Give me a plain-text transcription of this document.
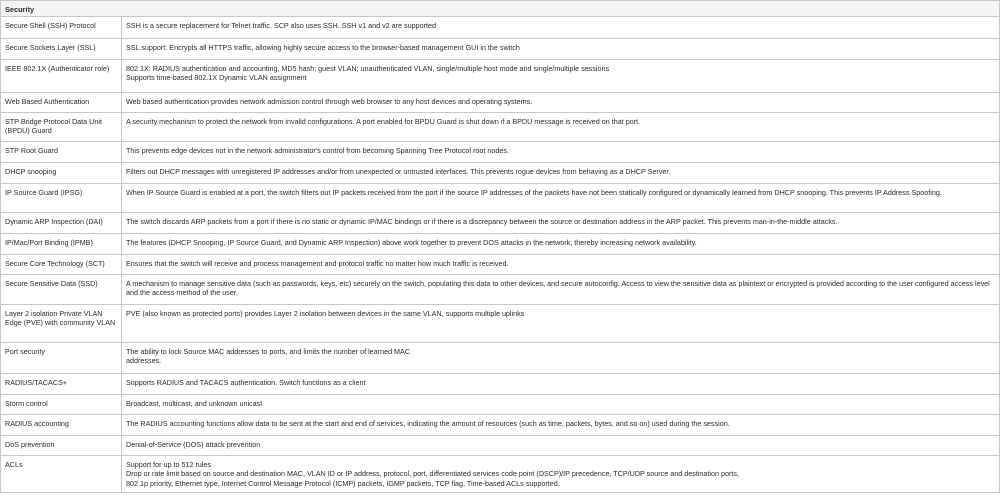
Security	
Secure Shell (SSH) Protocol	SSH is a secure replacement for Telnet traffic. SCP also uses SSH. SSH v1 and v2 are supported

Secure Sockets Layer (SSL)	SSL support: Encrypts all HTTPS traffic, allowing highly secure access to the browser-based management GUI in the switch

IEEE 802.1X (Authenticator role)	802.1X: RADIUS authentication and accounting, MD5 hash; guest VLAN; unauthenticated VLAN, single/multiple host mode and single/multiple sessions
Supports time-based 802.1X Dynamic VLAN assignment

Web Based Authentication	Web based authentication provides network admission control through web browser to any host devices and operating systems.

STP Bridge Protocol Data Unit (BPDU) Guard	A security mechanism to protect the network from invalid configurations. A port enabled for BPDU Guard is shut down if a BPDU message is received on that port.

STP Root Guard	This prevents edge devices not in the network administrator's control from becoming Spanning Tree Protocol root nodes.

DHCP snooping	Filters out DHCP messages with unregistered IP addresses and/or from unexpected or untrusted interfaces. This prevents rogue devices from behaving as a DHCP Server.

IP Source Guard (IPSG)	When IP Source Guard is enabled at a port, the switch filters out IP packets received from the port if the source IP addresses of the packets have not been statically configured or dynamically learned from DHCP snooping. This prevents IP Address Spoofing.

Dynamic ARP Inspection (DAI)	The switch discards ARP packets from a port if there is no static or dynamic IP/MAC bindings or if there is a discrepancy between the source or destination address in the ARP packet. This prevents man-in-the-middle attacks.

IP/Mac/Port Binding (IPMB)	The features (DHCP Snooping, IP Source Guard, and Dynamic ARP Inspection) above work together to prevent DOS attacks in the network, thereby increasing network availability.

Secure Core Technology (SCT)	Ensures that the switch will receive and process management and protocol traffic no matter how much traffic is received.

Secure Sensitive Data (SSD)	A mechanism to manage sensitive data (such as passwords, keys, etc) securely on the switch, populating this data to other devices, and secure autoconfig. Access to view the sensitive data as plaintext or encrypted is provided according to the user configured access level and the access method of the user.

Layer 2 isolation Private VLAN Edge (PVE) with community VLAN	PVE (also known as protected ports) provides Layer 2 isolation between devices in the same VLAN, supports multiple uplinks

Port security	The ability to lock Source MAC addresses to ports, and limits the number of learned MAC
addresses.

RADIUS/TACACS+	Supports RADIUS and TACACS authentication. Switch functions as a client

Storm control	Broadcast, multicast, and unknown unicast

RADIUS accounting	The RADIUS accounting functions allow data to be sent at the start and end of services, indicating the amount of resources (such as time, packets, bytes, and so on) used during the session.

DoS prevention	Denial-of-Service (DOS) attack prevention

ACLs	Support for up to 512 rules
Drop or rate limit based on source and destination MAC, VLAN ID or IP address, protocol, port, differentiated services code point (DSCP)/IP precedence, TCP/UDP source and destination ports,
802.1p priority, Ethernet type, Internet Control Message Protocol (ICMP) packets, IGMP packets, TCP flag, Time-based ACLs supported.
